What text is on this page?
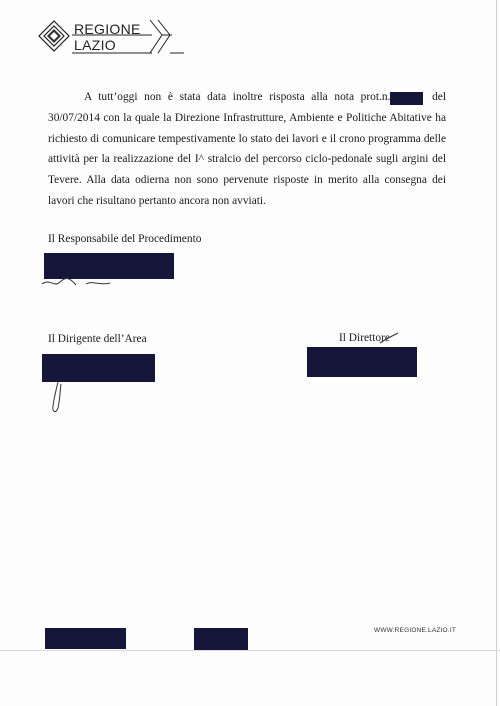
REGIONE
LAZIO

A tutt’oggi non è stata data inoltre risposta alla nota prot.n.	del 30/07/2014 con la quale la Direzione Infrastrutture, Ambiente e Politiche Abitative ha richiesto di comunicare tempestivamente lo stato dei lavori e il crono programma delle attività per la realizzazione del I^ stralcio del percorso ciclo-pedonale sugli argini del Tevere. Alla data odierna non sono pervenute risposte in merito alla consegna dei lavori che risultano pertanto ancora non avviati.

Il Responsabile del Procedimento
Il Dirigente dell’Area	Il Direttore
WWW.REGIONE.LAZIO.IT
